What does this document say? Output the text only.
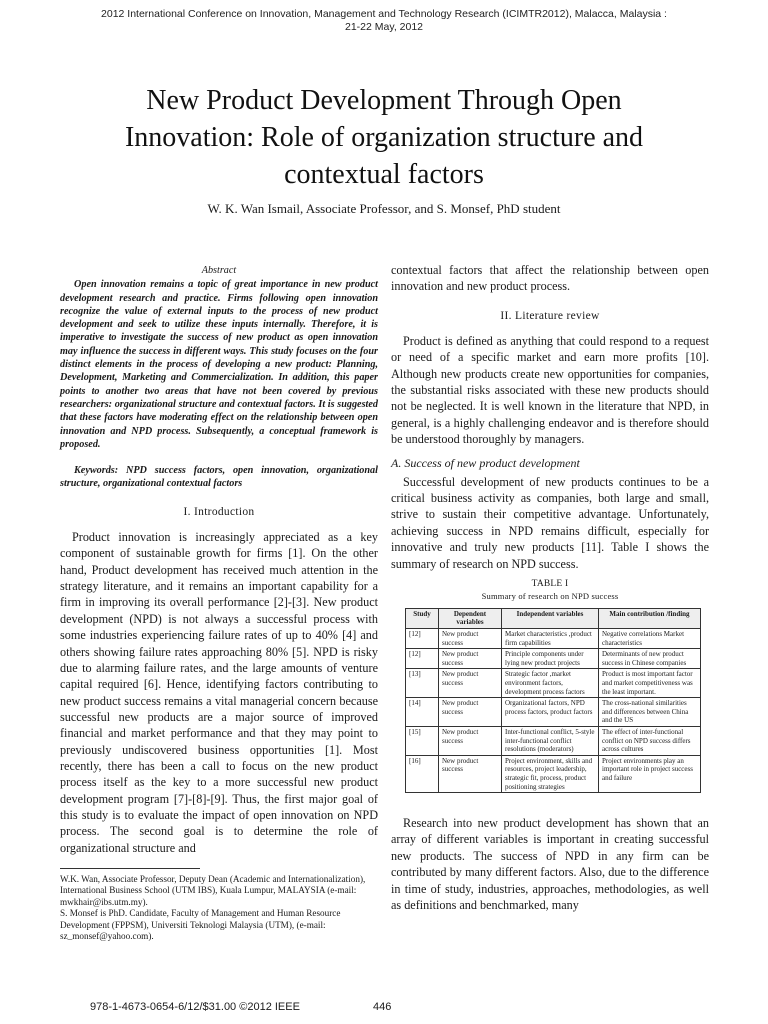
2012 International Conference on Innovation, Management and Technology Research (ICIMTR2012), Malacca, Malaysia :
21-22 May, 2012
New Product Development Through Open
Innovation: Role of organization structure and
contextual factors
W. K. Wan Ismail, Associate Professor, and S. Monsef, PhD student
Abstract

Open innovation remains a topic of great importance in new product development research and practice. Firms following open innovation recognize the value of external inputs to the process of new product development and seek to utilize these inputs internally. Therefore, it is imperative to investigate the success of new product as open innovation may influence the success in different ways. This study focuses on the four distinct elements in the process of developing a new product: Planning, Development, Marketing and Commercialization. In addition, this paper points to another two areas that have not been covered by previous researchers: organizational structure and contextual factors. It is suggested that these factors have moderating effect on the relationship between open innovation and NPD process. Subsequently, a conceptual framework is proposed.

Keywords: NPD success factors, open innovation, organizational structure, organizational contextual factors

I. Introduction

Product innovation is increasingly appreciated as a key component of sustainable growth for firms [1]. On the other hand, Product development has received much attention in the strategy literature, and it remains an important capability for a firm in improving its overall performance [2]-[3]. New product development (NPD) is not always a successful process with some industries experiencing failure rates of up to 40% [4] and others showing failure rates approaching 80% [5]. NPD is risky due to alarming failure rates, and the large amounts of venture capital required [6]. Hence, identifying factors contributing to new product success remains a vital managerial concern because successful new products are a major source of improved financial and market performance and that they may point to previously undiscovered business opportunities [1]. Most recently, there has been a call to focus on the new product process itself as the key to a more successful new product development program [7]-[8]-[9]. Thus, the first major goal of this study is to evaluate the impact of open innovation on NPD process. The second goal is to determine the role of organizational structure and

contextual factors that affect the relationship between open innovation and new product process.

II. Literature review

Product is defined as anything that could respond to a request or need of a specific market and earn more profits [10]. Although new products create new opportunities for companies, the substantial risks associated with these new products should not be neglected. It is well known in the literature that NPD, in general, is a highly challenging endeavor and is therefore should be understood thoroughly by managers.

A. Success of new product development

Successful development of new products continues to be a critical business activity as companies, both large and small, strive to sustain their competitive advantage. Unfortunately, achieving success in NPD remains difficult, especially for innovative and truly new products [11]. Table I shows the summary of research on NPD success.

TABLE I
Summary of research on NPD success
Study	Dependent variables	Independent variables	Main contribution /finding
[12]	New product success	Market characteristics ,product firm capabilities	Negative correlations Market characteristics
[12]	New product success	Principle components under lying new product projects	Determinants of new product success in Chinese companies
[13]	New product success	Strategic factor ,market environment factors, development process factors	Product is most important factor and market competitiveness was the least important.
[14]	New product success	Organizational factors, NPD process factors, product factors	The cross-national similarities and differences between China and the US
[15]	New product success	Inter-functional conflict, 5-style inter-functional conflict resolutions (moderators)	The effect of inter-functional conflict on NPD success differs across cultures
[16]	New product success	Project environment, skills and resources, project leadership, strategic fit, process, product positioning strategies	Project environments play an important role in project success and failure

Research into new product development has shown that an array of different variables is important in creating successful new products. The success of NPD in any firm can be contributed by many different factors. Also, due to the difference in time of study, industries, approaches, methodologies, as well as definitions and benchmarked, many

W.K. Wan, Associate Professor, Deputy Dean (Academic and Internationalization), International Business School (UTM IBS), Kuala Lumpur, MALAYSIA (e-mail: mwkhair@ibs.utm.my).

S. Monsef is PhD. Candidate, Faculty of Management and Human Resource Development (FPPSM), Universiti Teknologi Malaysia (UTM), (e-mail: sz_monsef@yahoo.com).

978-1-4673-0654-6/12/$31.00 ©2012 IEEE	446
